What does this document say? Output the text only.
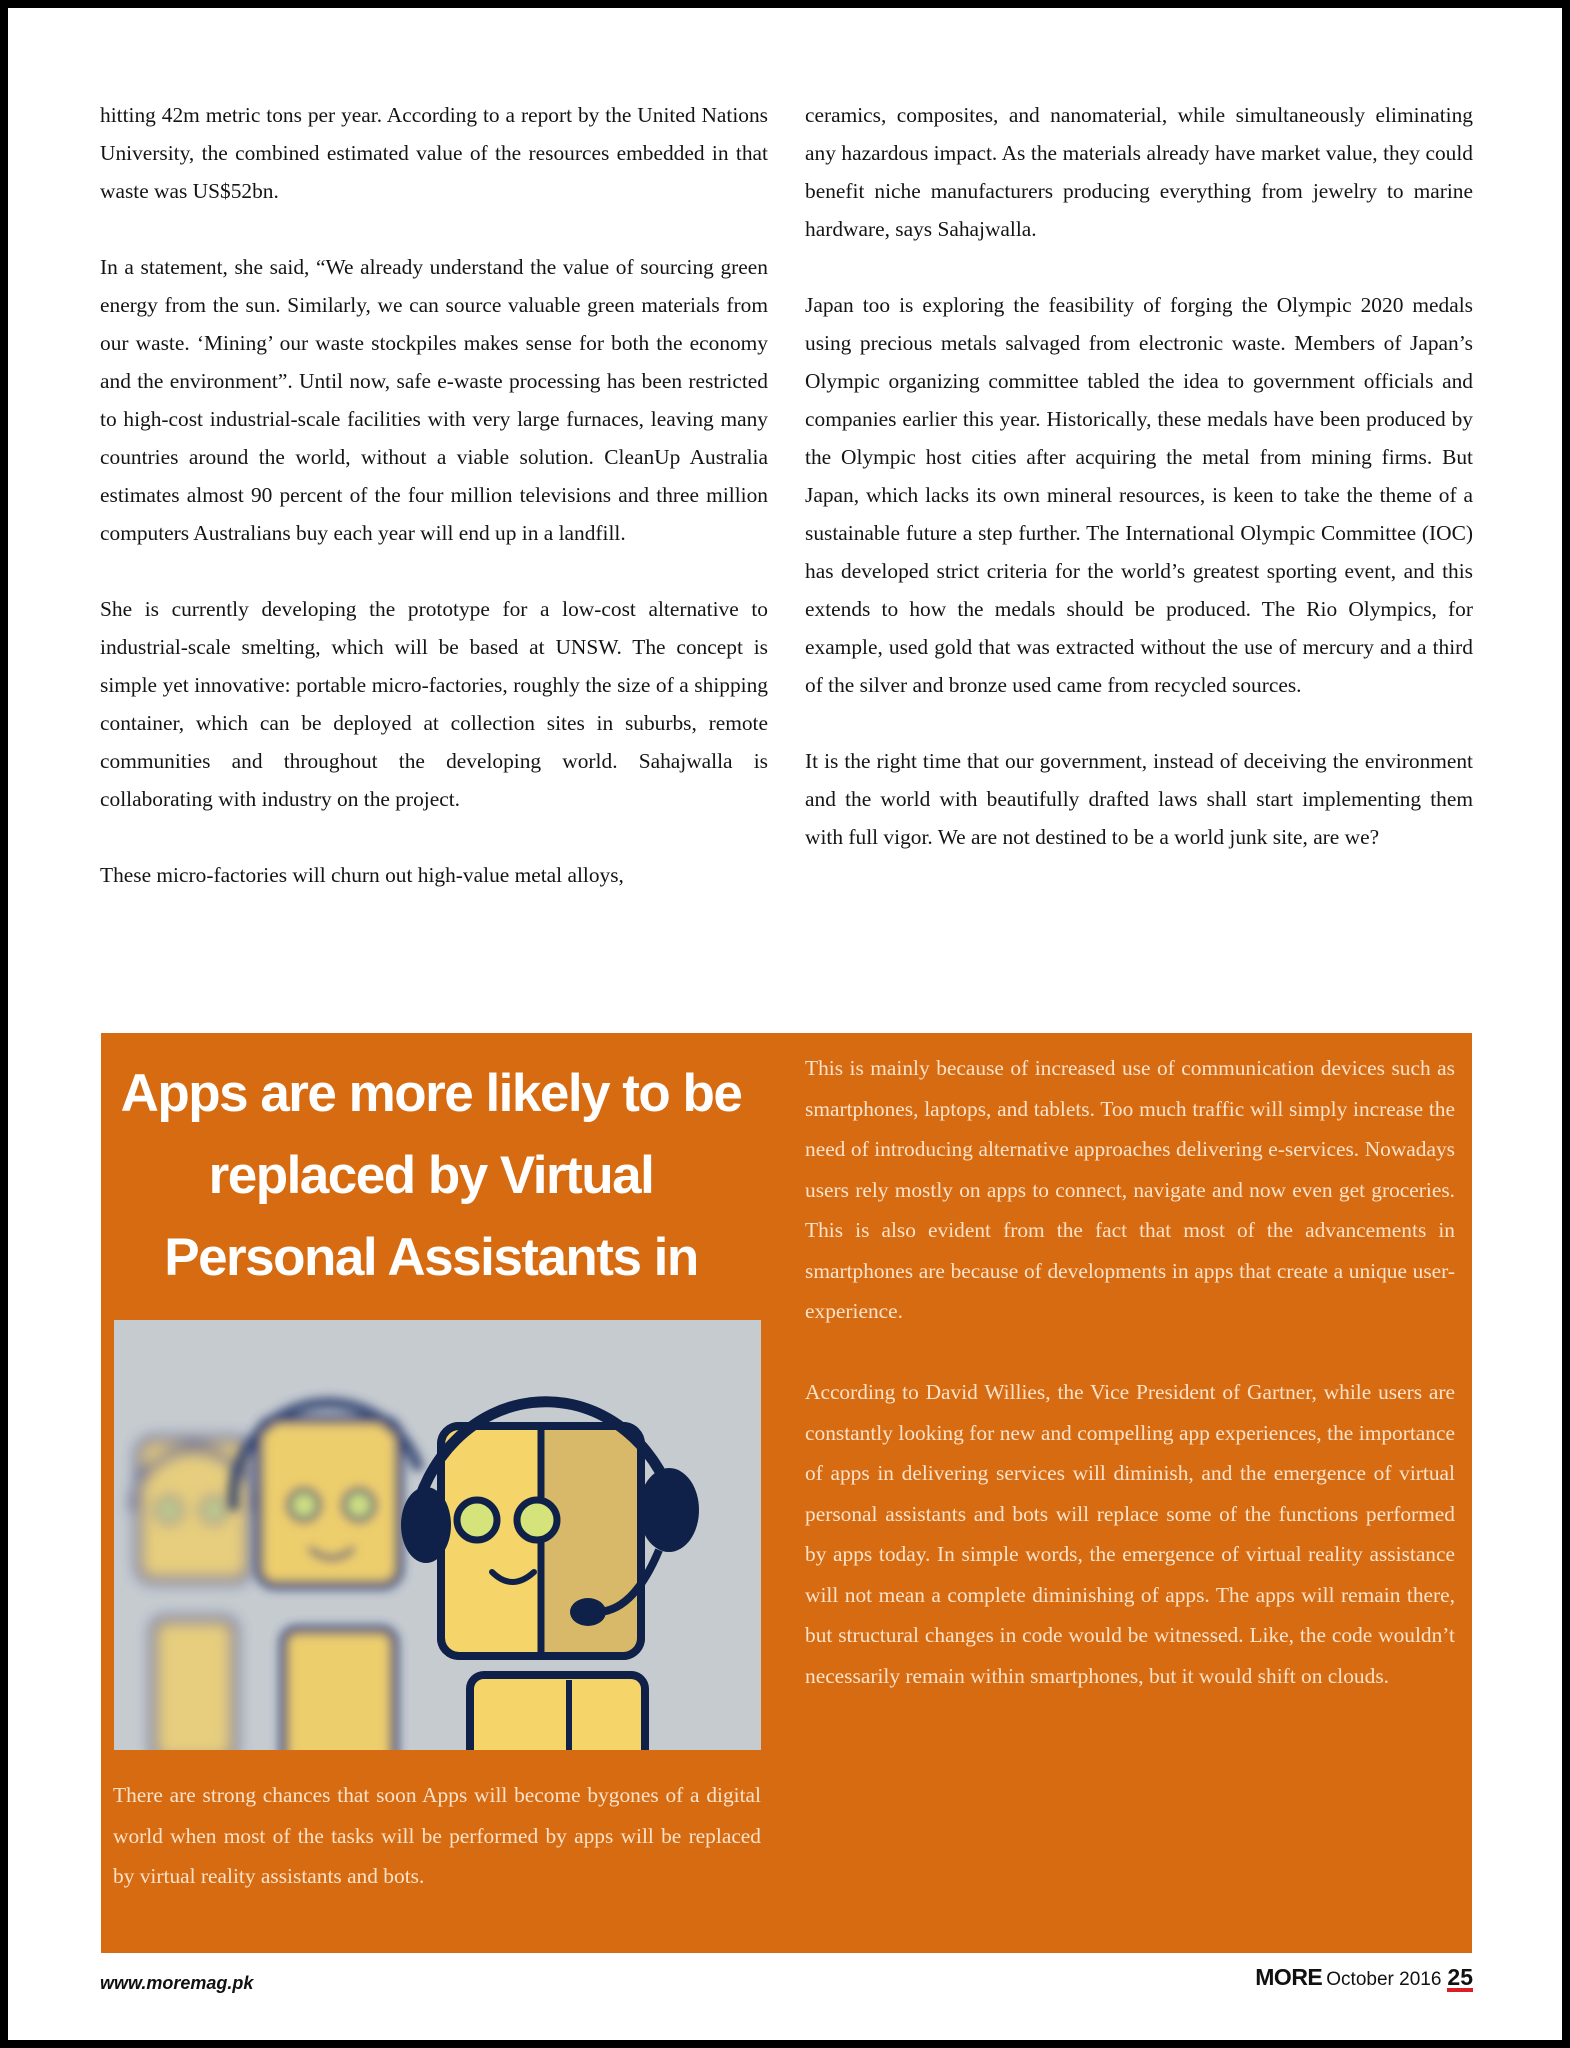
hitting 42m metric tons per year. According to a report by the United Nations University, the combined estimated value of the resources embedded in that waste was US$52bn.

In a statement, she said, “We already understand the value of sourcing green energy from the sun. Similarly, we can source valuable green materials from our waste. ‘Mining’ our waste stockpiles makes sense for both the economy and the environment”. Until now, safe e-waste processing has been restricted to high-cost industrial-scale facilities with very large furnaces, leaving many countries around the world, without a viable solution. CleanUp Australia estimates almost 90 percent of the four million televisions and three million computers Australians buy each year will end up in a landfill.

She is currently developing the prototype for a low-cost alternative to industrial-scale smelting, which will be based at UNSW. The concept is simple yet innovative: portable micro-factories, roughly the size of a shipping container, which can be deployed at collection sites in suburbs, remote communities and throughout the developing world. Sahajwalla is collaborating with industry on the project.

These micro-factories will churn out high-value metal alloys,

ceramics, composites, and nanomaterial, while simultaneously eliminating any hazardous impact. As the materials already have market value, they could benefit niche manufacturers producing everything from jewelry to marine hardware, says Sahajwalla.

Japan too is exploring the feasibility of forging the Olympic 2020 medals using precious metals salvaged from electronic waste. Members of Japan’s Olympic organizing committee tabled the idea to government officials and companies earlier this year. Historically, these medals have been produced by the Olympic host cities after acquiring the metal from mining firms. But Japan, which lacks its own mineral resources, is keen to take the theme of a sustainable future a step further. The International Olympic Committee (IOC) has developed strict criteria for the world’s greatest sporting event, and this extends to how the medals should be produced. The Rio Olympics, for example, used gold that was extracted without the use of mercury and a third of the silver and bronze used came from recycled sources.

It is the right time that our government, instead of deceiving the environment and the world with beautifully drafted laws shall start implementing them with full vigor. We are not destined to be a world junk site, are we?

Apps are more likely to be replaced by Virtual Personal Assistants in

There are strong chances that soon Apps will become bygones of a digital world when most of the tasks will be performed by apps will be replaced by virtual reality assistants and bots.

This is mainly because of increased use of communication devices such as smartphones, laptops, and tablets. Too much traffic will simply increase the need of introducing alternative approaches delivering e-services. Nowadays users rely mostly on apps to connect, navigate and now even get groceries. This is also evident from the fact that most of the advancements in smartphones are because of developments in apps that create a unique user-experience.

According to David Willies, the Vice President of Gartner, while users are constantly looking for new and compelling app experiences, the importance of apps in delivering services will diminish, and the emergence of virtual personal assistants and bots will replace some of the functions performed by apps today. In simple words, the emergence of virtual reality assistance will not mean a complete diminishing of apps. The apps will remain there, but structural changes in code would be witnessed. Like, the code wouldn’t necessarily remain within smartphones, but it would shift on clouds.

www.moremag.pk	MORE October 2016 25
